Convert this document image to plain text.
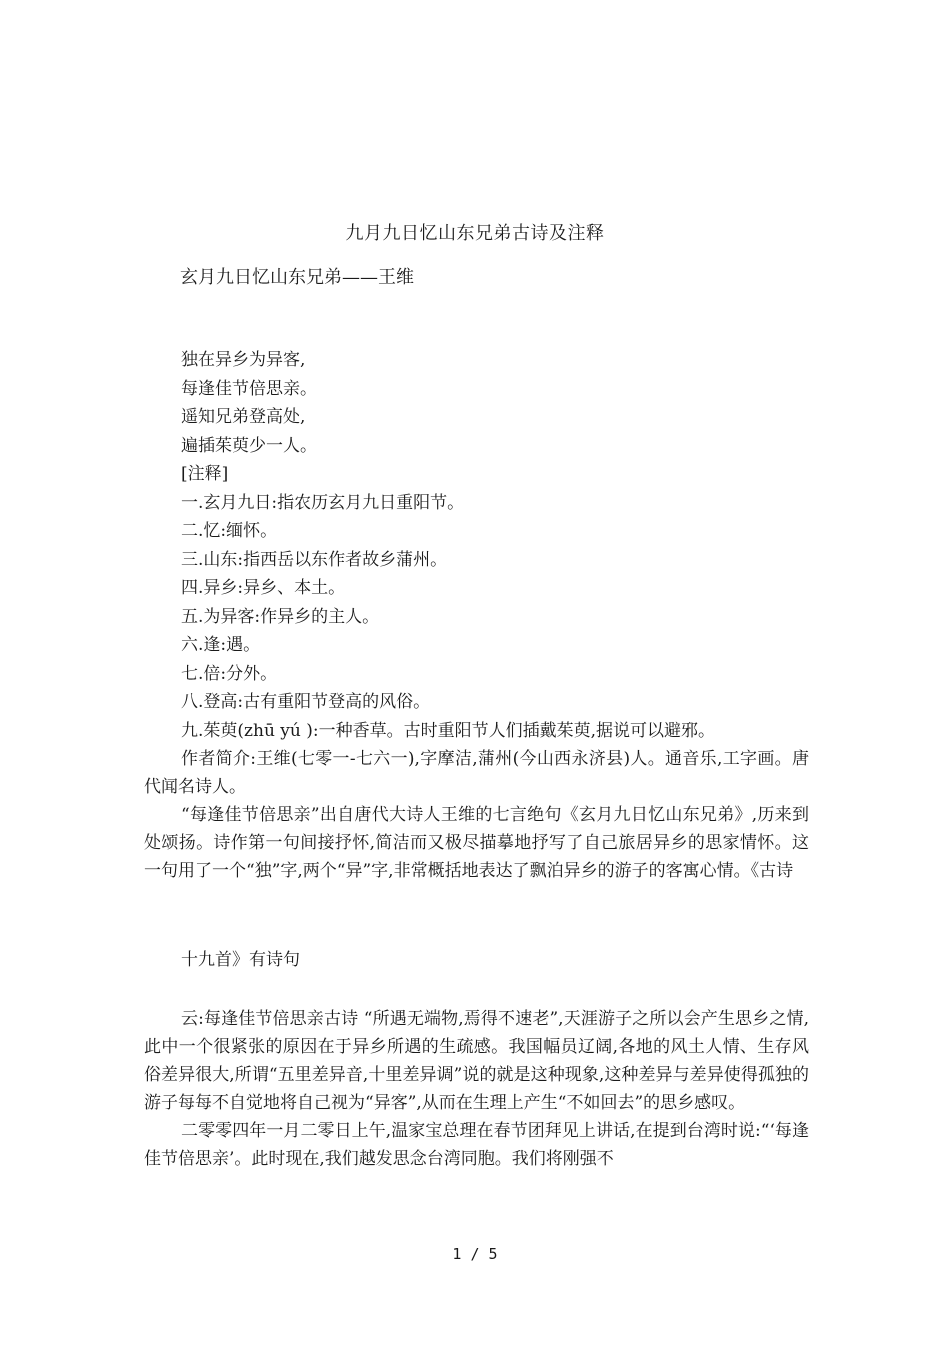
九月九日忆山东兄弟古诗及注释
玄月九日忆山东兄弟——王维
独在异乡为异客,
每逢佳节倍思亲。
遥知兄弟登高处,
遍插茱萸少一人。
[注释]
一.玄月九日:指农历玄月九日重阳节。
二.忆:缅怀。
三.山东:指西岳以东作者故乡蒲州。
四.异乡:异乡、本土。
五.为异客:作异乡的主人。
六.逢:遇。
七.倍:分外。
八.登高:古有重阳节登高的风俗。
九.茱萸(zhū yú ):一种香草。古时重阳节人们插戴茱萸,据说可以避邪。

作者简介:王维(七零一-七六一),字摩洁,蒲州(今山西永济县)人。通音乐,工字画。唐代闻名诗人。

“每逢佳节倍思亲”出自唐代大诗人王维的七言绝句《玄月九日忆山东兄弟》,历来到处颂扬。诗作第一句间接抒怀,简洁而又极尽描摹地抒写了自己旅居异乡的思家情怀。这一句用了一个“独”字,两个“异”字,非常概括地表达了飘泊异乡的游子的客寓心情。《古诗

十九首》有诗句

云:每逢佳节倍思亲古诗 “所遇无端物,焉得不速老”,天涯游子之所以会产生思乡之情,此中一个很紧张的原因在于异乡所遇的生疏感。我国幅员辽阔,各地的风土人情、生存风俗差异很大,所谓“五里差异音,十里差异调”说的就是这种现象,这种差异与差异使得孤独的游子每每不自觉地将自己视为“异客”,从而在生理上产生“不如回去”的思乡感叹。

二零零四年一月二零日上午,温家宝总理在春节团拜见上讲话,在提到台湾时说:“‘每逢佳节倍思亲’。此时现在,我们越发思念台湾同胞。我们将刚强不

1 / 5
